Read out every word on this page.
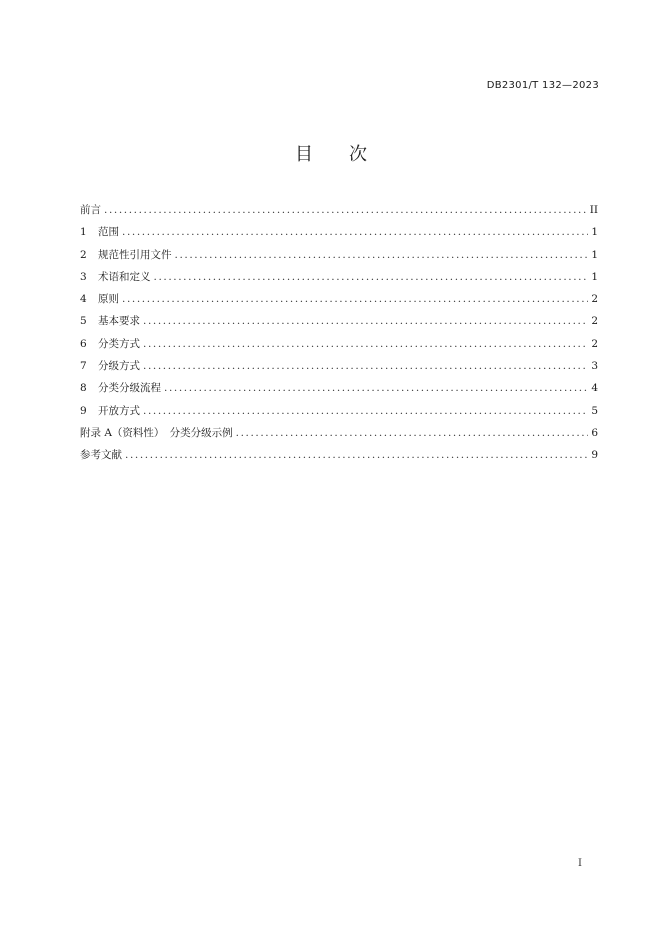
DB2301/T 132—2023
目 次
前言 .....	II
1	范围 .....	1
2	规范性引用文件 .....	1
3	术语和定义 .....	1
4	原则 .....	2
5	基本要求 .....	2
6	分类方式 .....	2
7	分级方式 .....	3
8	分类分级流程 .....	4
9	开放方式 .....	5
附录 A（资料性）　分类分级示例 .....	6
参考文献 .....	9
I
